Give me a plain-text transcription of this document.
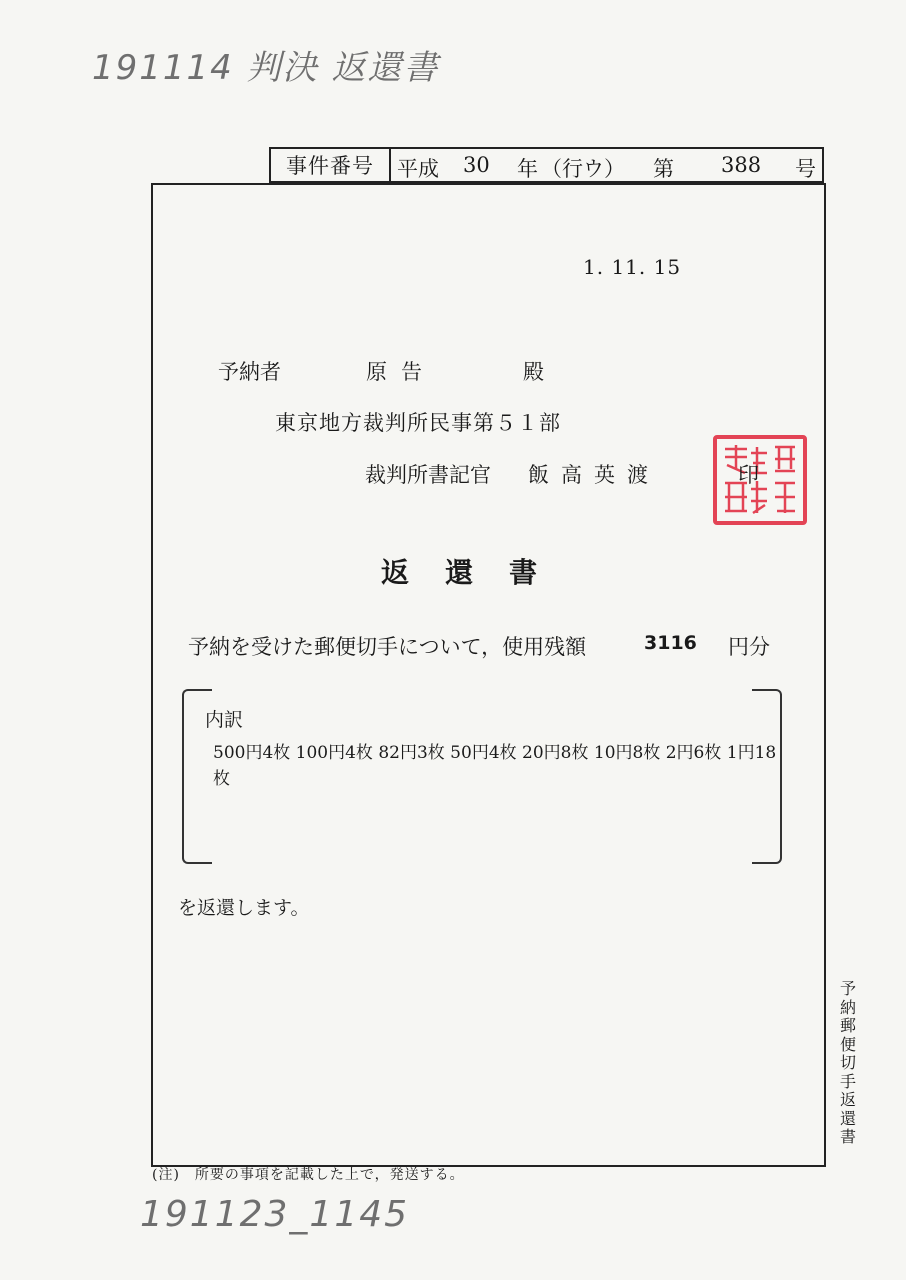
191114 判決 返還書
事件番号	平成 30 年 （行ウ） 第 388 号
1. 11. 15
予納者	原告	殿
東京地方裁判所民事第５１部
裁判所書記官 飯高英渡	印
返還書
予納を受けた郵便切手について，使用残額	3116 円分
内訳
500円4枚 100円4枚 82円3枚 50円4枚 20円8枚 10円8枚 2円6枚 1円18枚
を返還します。
予納郵便切手返還書
(注)　所要の事項を記載した上で，発送する。
191123_1145
